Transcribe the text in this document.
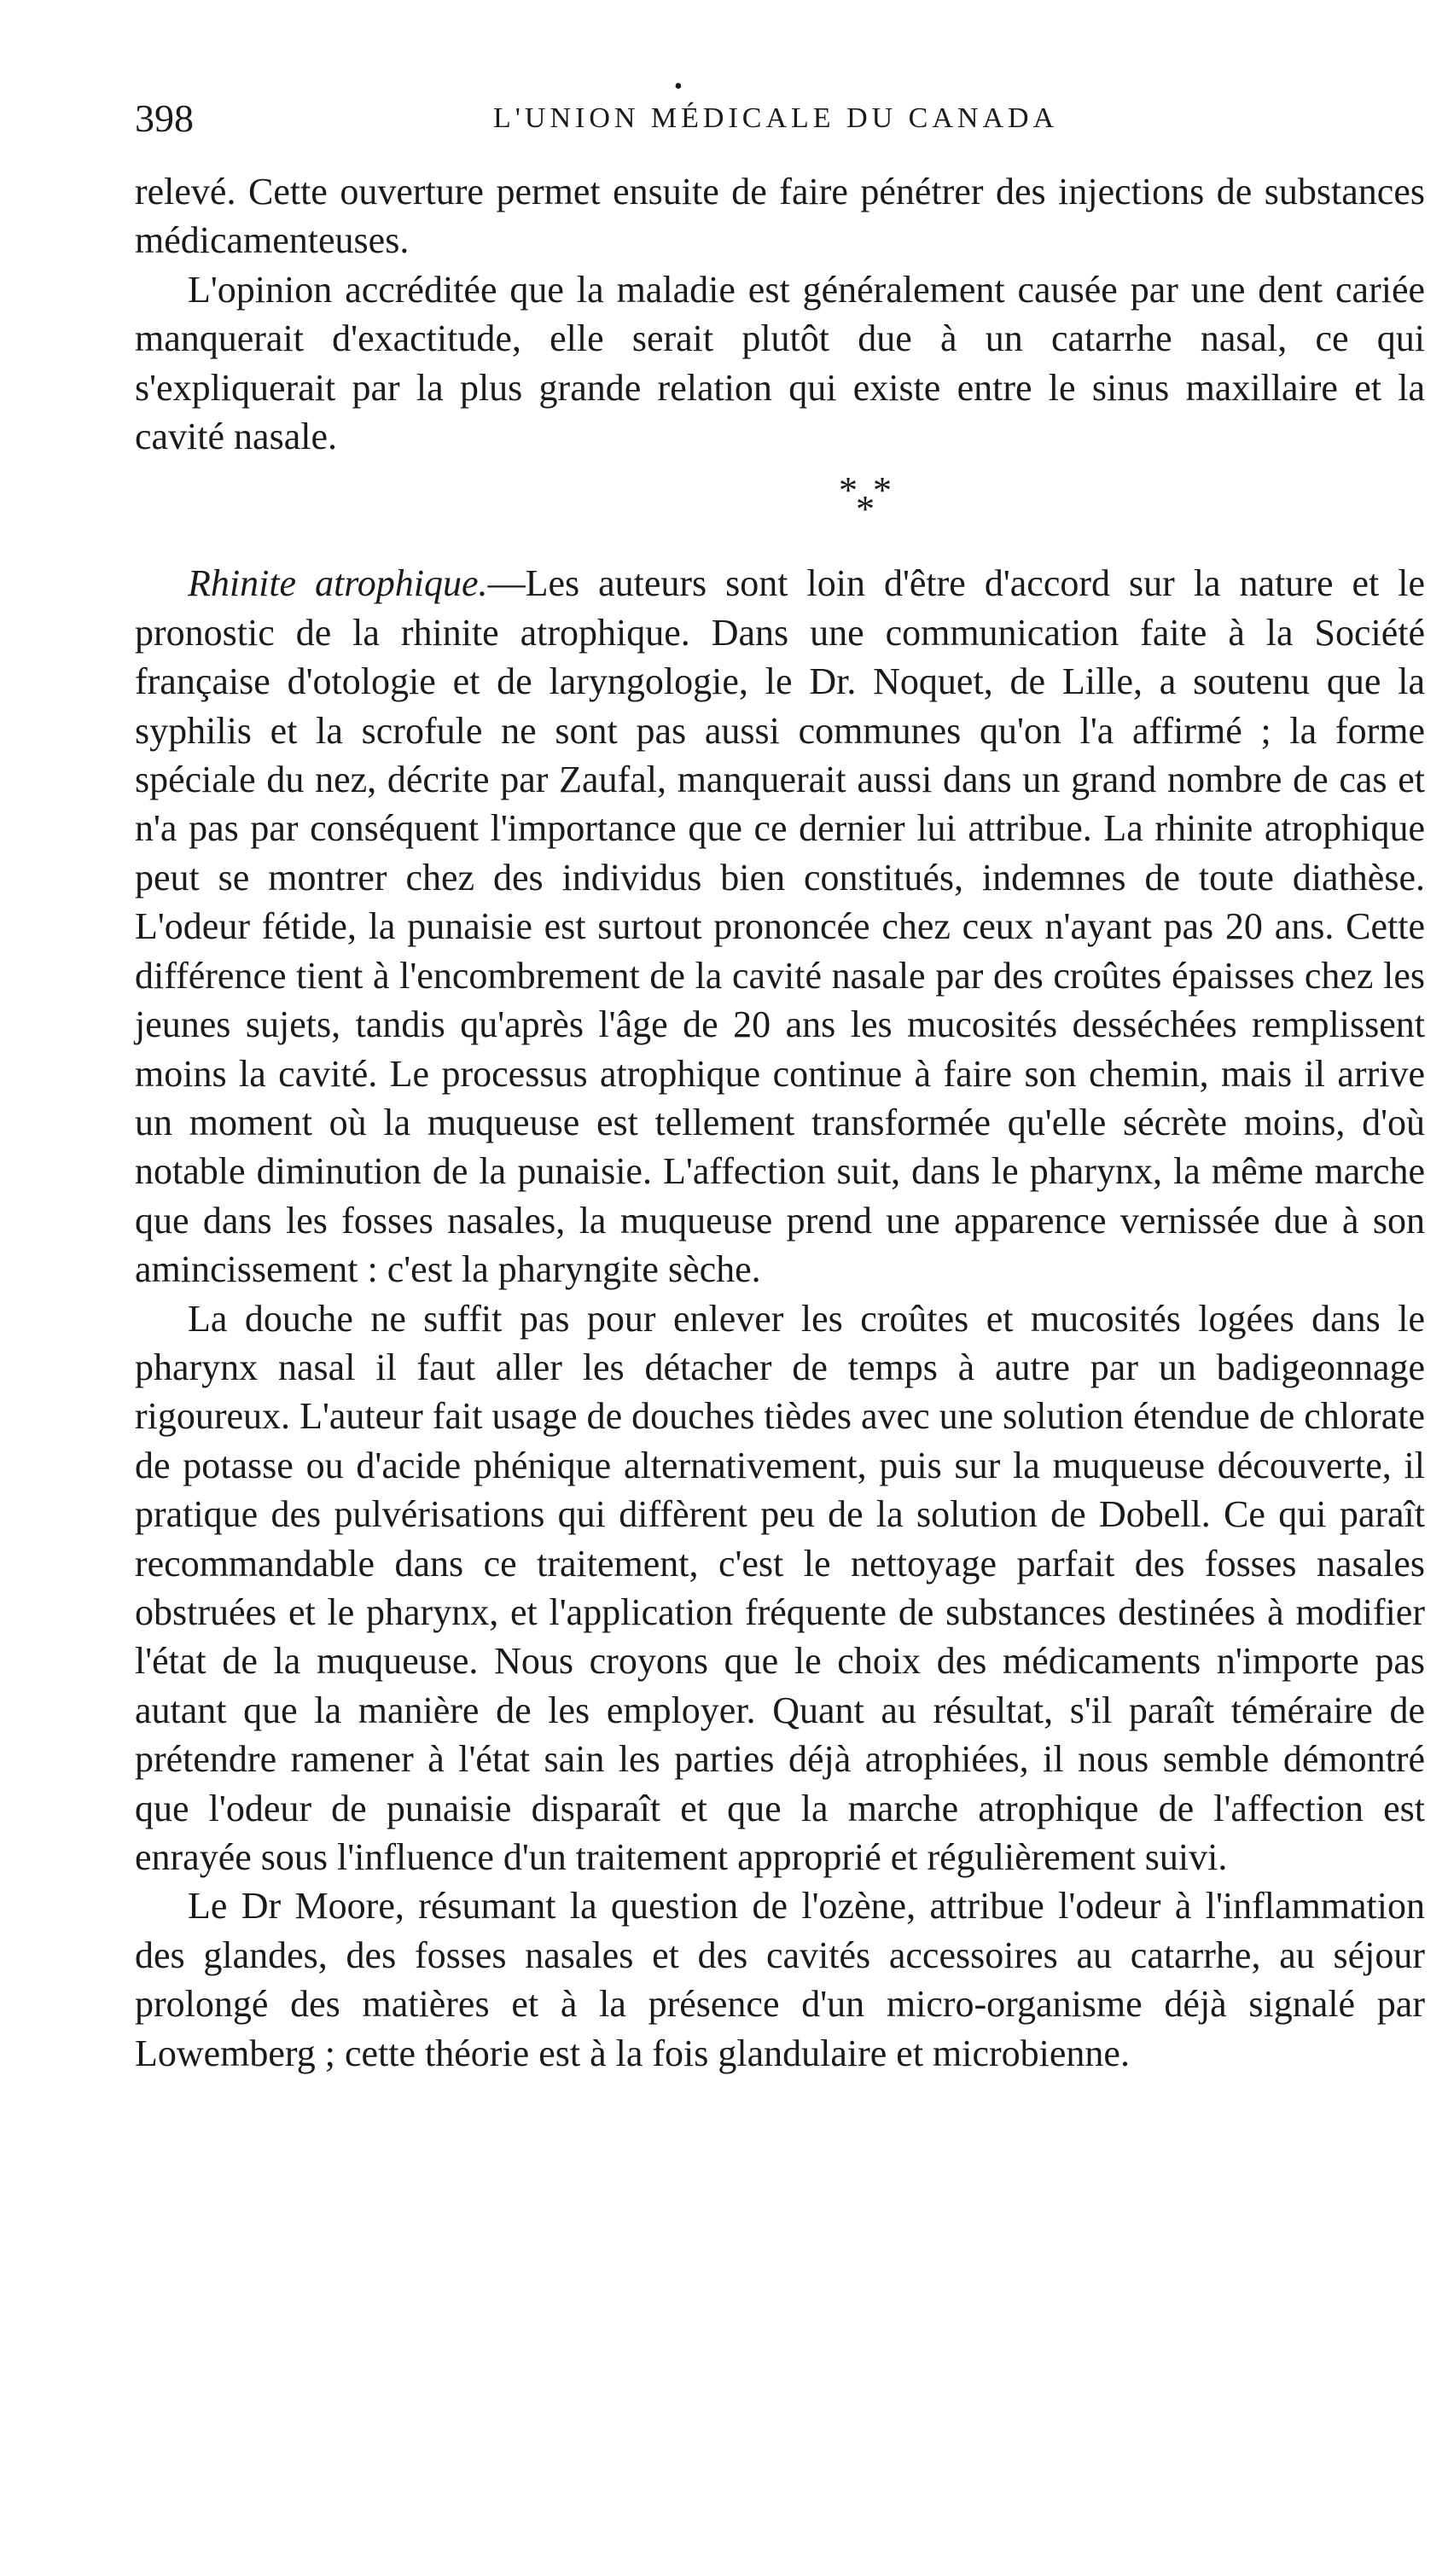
398
•
L'UNION MÉDICALE DU CANADA

relevé. Cette ouverture permet ensuite de faire pénétrer des injections de substances médicamenteuses.

L'opinion accréditée que la maladie est généralement causée par une dent cariée manquerait d'exactitude, elle serait plutôt due à un catarrhe nasal, ce qui s'expliquerait par la plus grande relation qui existe entre le sinus maxillaire et la cavité nasale.

***

Rhinite atrophique.—Les auteurs sont loin d'être d'accord sur la nature et le pronostic de la rhinite atrophique. Dans une communication faite à la Société française d'otologie et de laryngologie, le Dr. Noquet, de Lille, a soutenu que la syphilis et la scrofule ne sont pas aussi communes qu'on l'a affirmé ; la forme spéciale du nez, décrite par Zaufal, manquerait aussi dans un grand nombre de cas et n'a pas par conséquent l'importance que ce dernier lui attribue. La rhinite atrophique peut se montrer chez des individus bien constitués, indemnes de toute diathèse. L'odeur fétide, la punaisie est surtout prononcée chez ceux n'ayant pas 20 ans. Cette différence tient à l'encombrement de la cavité nasale par des croûtes épaisses chez les jeunes sujets, tandis qu'après l'âge de 20 ans les mucosités desséchées remplissent moins la cavité. Le processus atrophique continue à faire son chemin, mais il arrive un moment où la muqueuse est tellement transformée qu'elle sécrète moins, d'où notable diminution de la punaisie. L'affection suit, dans le pharynx, la même marche que dans les fosses nasales, la muqueuse prend une apparence vernissée due à son amincissement : c'est la pharyngite sèche.

La douche ne suffit pas pour enlever les croûtes et mucosités logées dans le pharynx nasal il faut aller les détacher de temps à autre par un badigeonnage rigoureux. L'auteur fait usage de douches tièdes avec une solution étendue de chlorate de potasse ou d'acide phénique alternativement, puis sur la muqueuse découverte, il pratique des pulvérisations qui diffèrent peu de la solution de Dobell. Ce qui paraît recommandable dans ce traitement, c'est le nettoyage parfait des fosses nasales obstruées et le pharynx, et l'application fréquente de substances destinées à modifier l'état de la muqueuse. Nous croyons que le choix des médicaments n'importe pas autant que la manière de les employer. Quant au résultat, s'il paraît téméraire de prétendre ramener à l'état sain les parties déjà atrophiées, il nous semble démontré que l'odeur de punaisie disparaît et que la marche atrophique de l'affection est enrayée sous l'influence d'un traitement approprié et régulièrement suivi.

Le Dr Moore, résumant la question de l'ozène, attribue l'odeur à l'inflammation des glandes, des fosses nasales et des cavités accessoires au catarrhe, au séjour prolongé des matières et à la présence d'un micro-organisme déjà signalé par Lowemberg ; cette théorie est à la fois glandulaire et microbienne.
